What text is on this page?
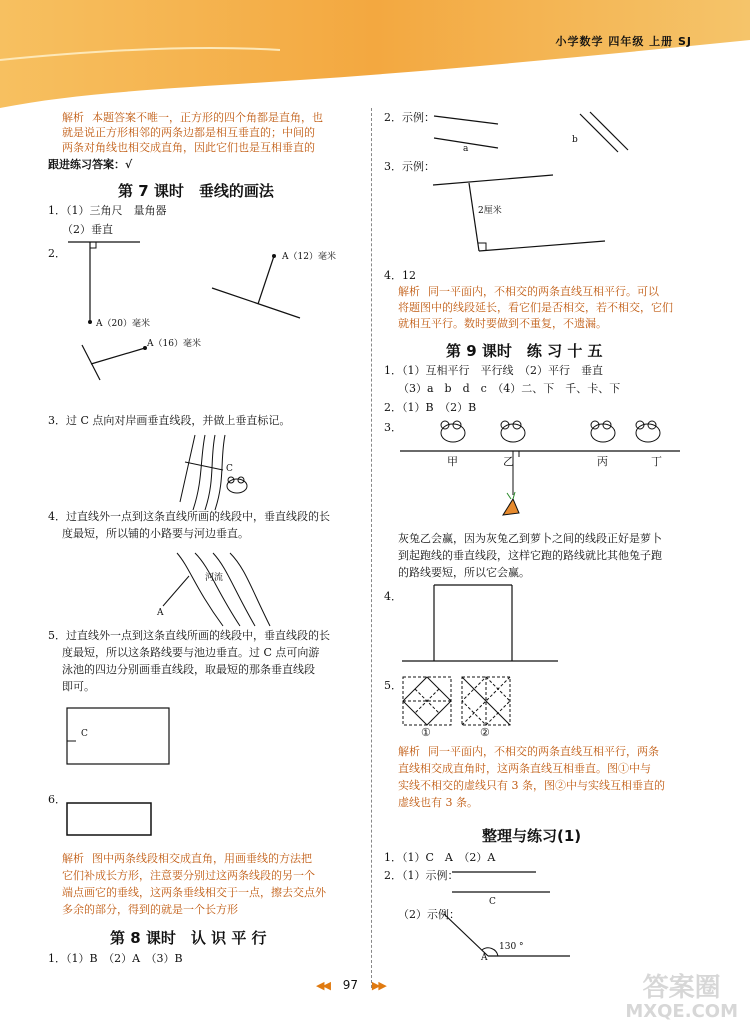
小学数学 四年级 上册 SJ
解析 本题答案不唯一，正方形的四个角都是直角，也
就是说正方形相邻的两条边都是相互垂直的；中间的
两条对角线也相交成直角，因此它们也是互相垂直的
跟进练习答案：√
第 7 课时　垂线的画法
1．（1）三角尺　量角器
（2）垂直
2．	A（12）毫米
A（20）毫米
A（16）毫米
3．过 C 点向对岸画垂直线段，并做上垂直标记。
C
4．过直线外一点到这条直线所画的线段中，垂直线段的长
度最短，所以铺的小路要与河边垂直。
河流
A
5．过直线外一点到这条直线所画的线段中，垂直线段的长
度最短，所以这条路线要与池边垂直。过 C 点可向游
泳池的四边分别画垂直线段，取最短的那条垂直线段
即可。
C
6．
解析 图中两条线段相交成直角，用画垂线的方法把
它们补成长方形，注意要分别过这两条线段的另一个
端点画它的垂线，这两条垂线相交于一点，擦去交点外
多余的部分，得到的就是一个长方形
第 8 课时　认 识 平 行
1．（1）B　（2）A　（3）B
2．示例：
a
b
3．示例：
2厘米
4．12
解析 同一平面内，不相交的两条直线互相平行。可以
将题图中的线段延长，看它们是否相交，若不相交，它们
就相互平行。数时要做到不重复，不遗漏。
第 9 课时　练 习 十 五
1．（1）互相平行　平行线　（2）平行　垂直
（3）a　b　d　c　（4）二、下　千、卡、下
2．（1）B　（2）B
3．
甲	乙	丙	丁
灰兔乙会赢，因为灰兔乙到萝卜之间的线段正好是萝卜
到起跑线的垂直线段，这样它跑的路线就比其他兔子跑
的路线要短，所以它会赢。
4．
5．
①	②
解析 同一平面内，不相交的两条直线互相平行，两条
直线相交成直角时，这两条直线互相垂直。图①中与
实线不相交的虚线只有 3 条，图②中与实线互相垂直的
虚线也有 3 条。
整理与练习(1)
1．（1）C　A　（2）A
2．（1）示例：
C
（2）示例：
130 °
A
◀◀ 97 ▶▶	答案圈
MXQE.COM
